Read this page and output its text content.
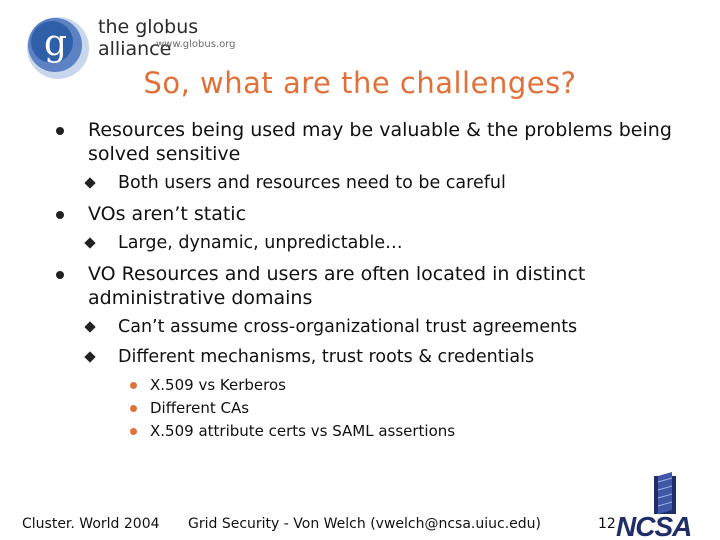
g the globus alliance
www.globus.org
So, what are the challenges?
Resources being used may be valuable & the problems being solved sensitive
Both users and resources need to be careful
VOs aren’t static
Large, dynamic, unpredictable…
VO Resources and users are often located in distinct administrative domains
Can’t assume cross-organizational trust agreements
Different mechanisms, trust roots & credentials
X.509 vs Kerberos
Different CAs
X.509 attribute certs vs SAML assertions
NCSA
Cluster. World 2004 Grid Security - Von Welch (vwelch@ncsa.uiuc.edu)	12
